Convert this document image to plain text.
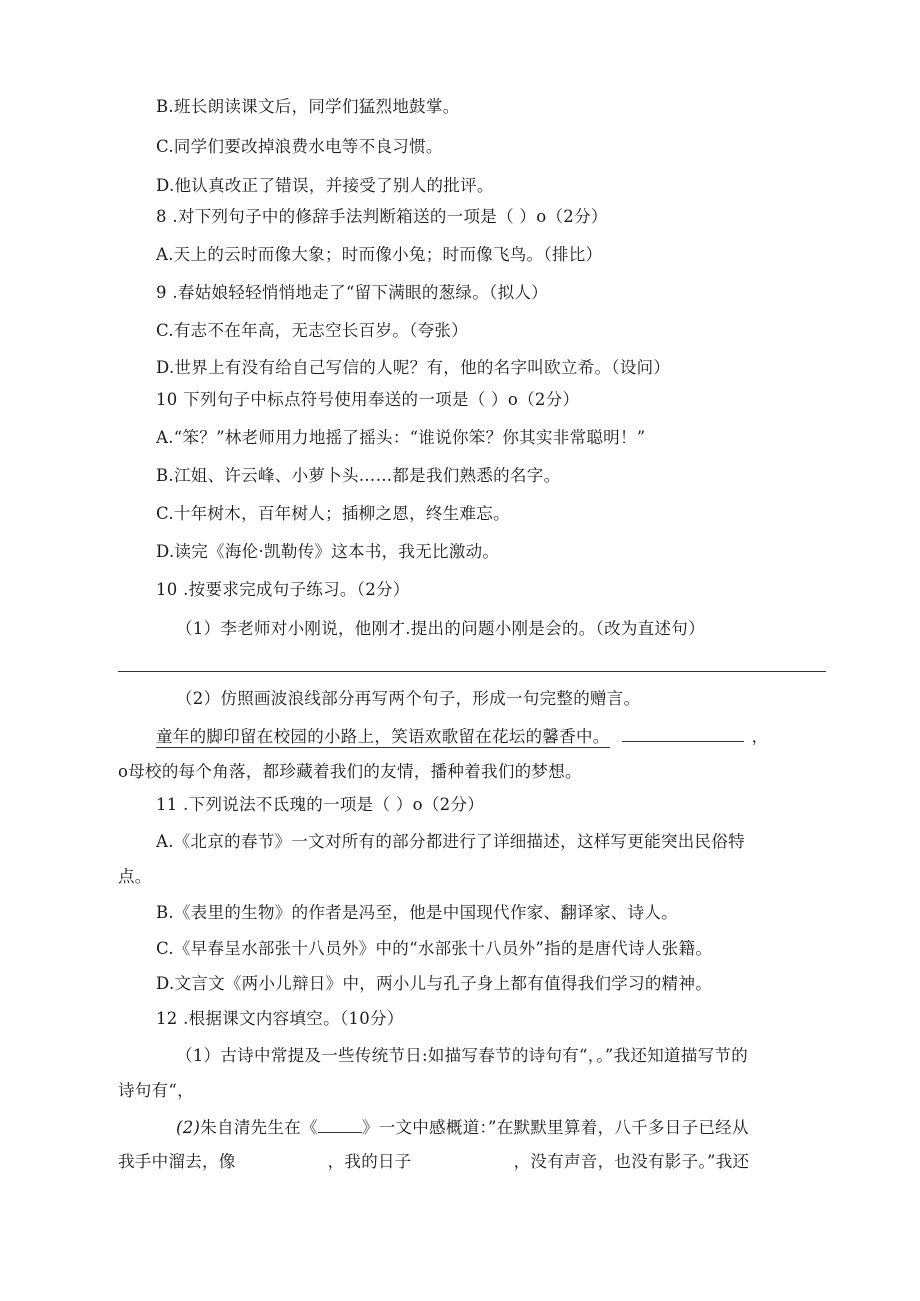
B.班长朗读课文后，同学们猛烈地鼓掌。
C.同学们要改掉浪费水电等不良习惯。
D.他认真改正了错误，并接受了别人的批评。
8 .对下列句子中的修辞手法判断箱送的一项是（ ）o（2分）
A.天上的云时而像大象；时而像小兔；时而像飞鸟。（排比）
9 .春姑娘轻轻悄悄地走了“留下满眼的葱绿。（拟人）
C.有志不在年高，无志空长百岁。（夸张）
D.世界上有没有给自己写信的人呢？有，他的名字叫欧立希。（设问）
10 下列句子中标点符号使用奉送的一项是（ ）o（2分）
A.“笨？”林老师用力地摇了摇头：“谁说你笨？你其实非常聪明！”
B.江姐、许云峰、小萝卜头……都是我们熟悉的名字。
C.十年树木，百年树人；插柳之恩，终生难忘。
D.读完《海伦·凯勒传》这本书，我无比激动。
10 .按要求完成句子练习。（2分）
（1）李老师对小刚说，他刚才.提出的问题小刚是会的。（改为直述句）
（2）仿照画波浪线部分再写两个句子，形成一句完整的赠言。
童年的脚印留在校园的小路上，笑语欢歌留在花坛的馨香中。	，
o母校的每个角落，都珍藏着我们的友情，播种着我们的梦想。
11 .下列说法不氐瑰的一项是（ ）o（2分）
A.《北京的春节》一文对所有的部分都进行了详细描述，这样写更能突出民俗特
点。
B.《表里的生物》的作者是冯至，他是中国现代作家、翻译家、诗人。
C.《早春呈水部张十八员外》中的“水部张十八员外”指的是唐代诗人张籍。
D.文言文《两小儿辩日》中，两小儿与孔子身上都有值得我们学习的精神。
12 .根据课文内容填空。（10分）
（1）古诗中常提及一些传统节日:如描写春节的诗句有“，。”我还知道描写节的
诗句有“，
(2)朱自清先生在《	》一文中感概道：”在默默里算着，八千多日子已经从
我手中溜去，像	，我的日子	，没有声音，也没有影子。”我还
